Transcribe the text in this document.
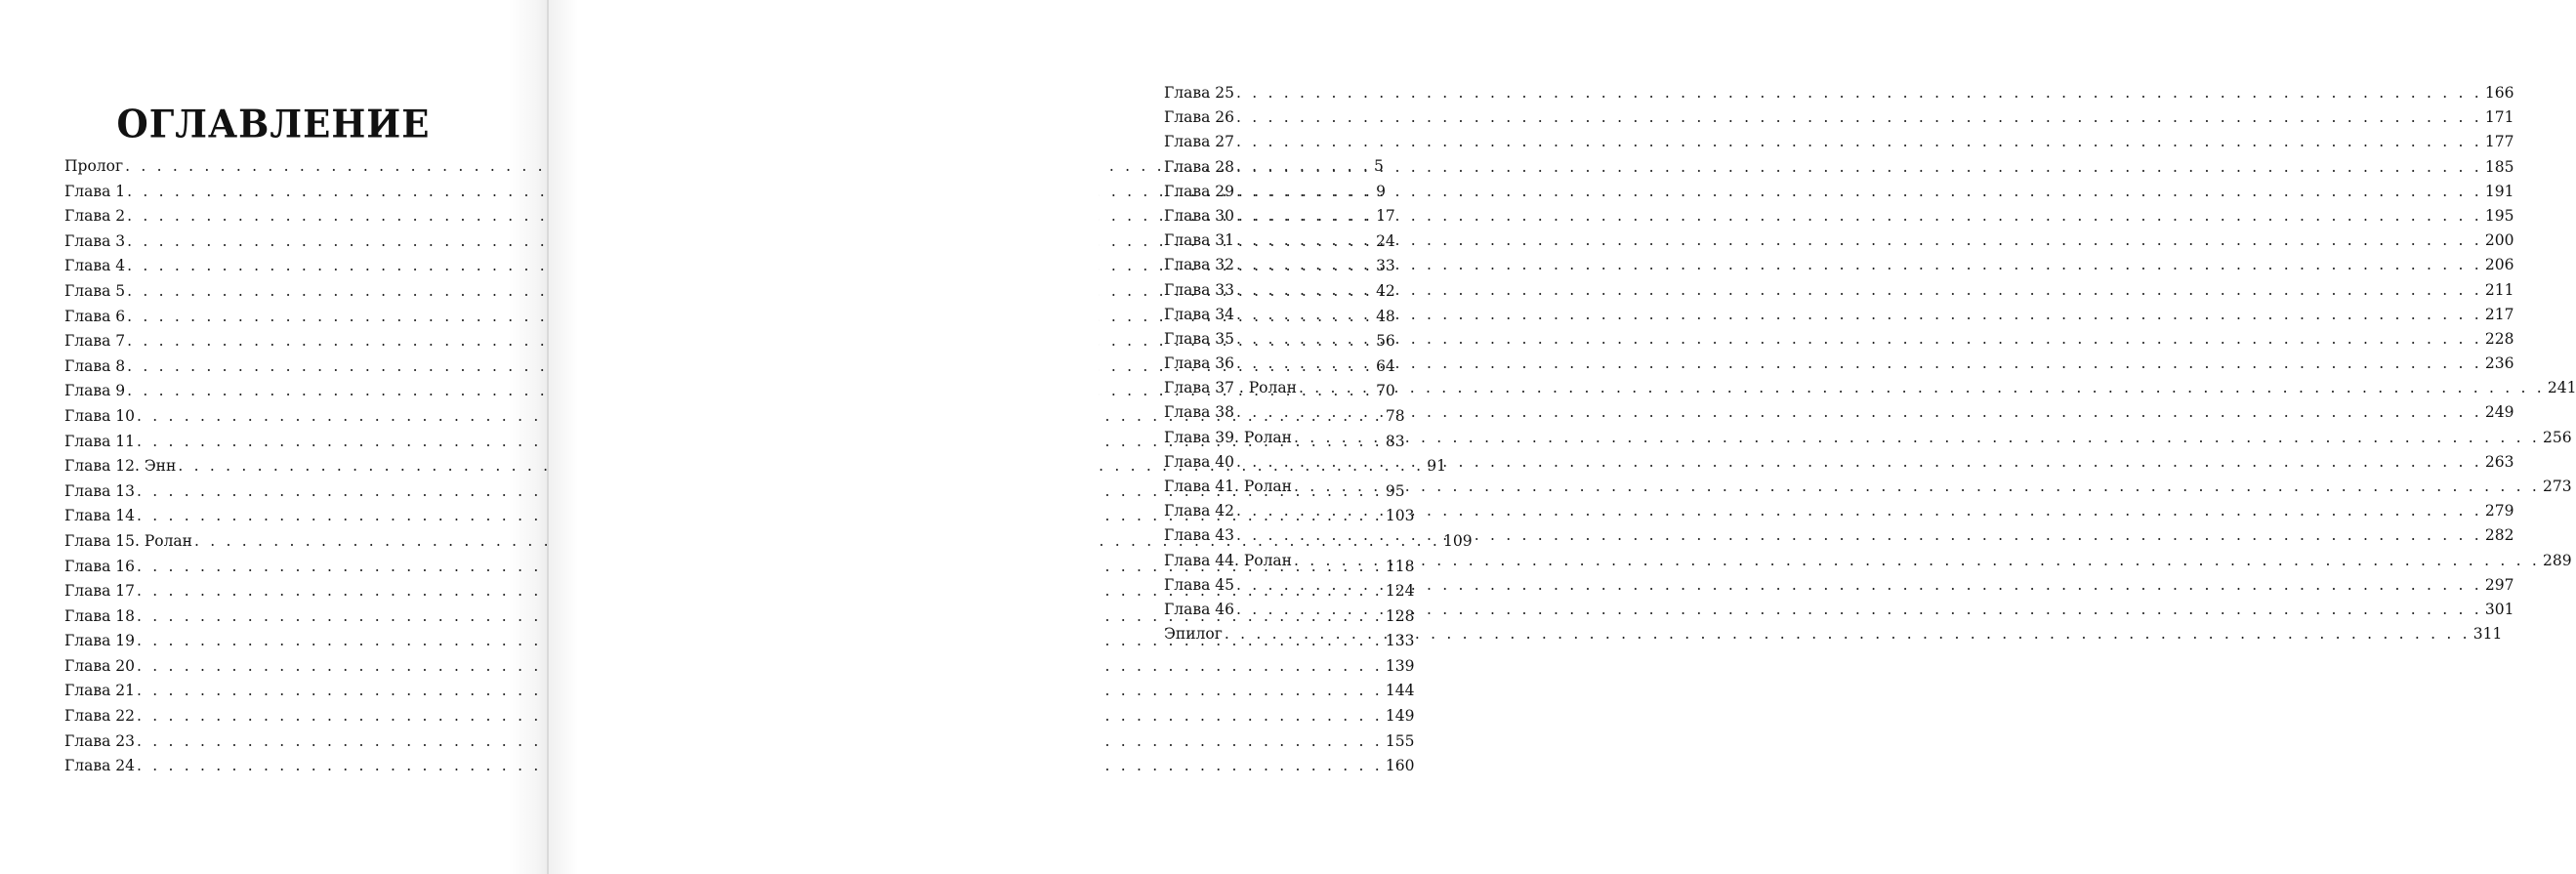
ОГЛАВЛЕНИЕ
Пролог . . .	5
Глава 1 . . .	9
Глава 2 . . .	17
Глава 3 . . .	24
Глава 4 . . .	33
Глава 5 . . .	42
Глава 6 . . .	48
Глава 7 . . .	56
Глава 8 . . .	64
Глава 9 . . .	70
Глава 10 . . .	78
Глава 11 . . .	83
Глава 12. Энн . . .	91
Глава 13 . . .	95
Глава 14 . . .	103
Глава 15. Ролан . . .	109
Глава 16 . . .	118
Глава 17 . . .	124
Глава 18 . . .	128
Глава 19 . . .	133
Глава 20 . . .	139
Глава 21 . . .	144
Глава 22 . . .	149
Глава 23 . . .	155
Глава 24 . . .	160
Глава 25 . . .	166
Глава 26 . . .	171
Глава 27 . . .	177
Глава 28 . . .	185
Глава 29 . . .	191
Глава 30 . . .	195
Глава 31 . . .	200
Глава 32 . . .	206
Глава 33 . . .	211
Глава 34 . . .	217
Глава 35 . . .	228
Глава 36 . . .	236
Глава 37 . Ролан . . .	241
Глава 38 . . .	249
Глава 39. Ролан . . .	256
Глава 40 . . .	263
Глава 41. Ролан . . .	273
Глава 42 . . .	279
Глава 43 . . .	282
Глава 44. Ролан . . .	289
Глава 45 . . .	297
Глава 46 . . .	301
Эпилог . . .	311
